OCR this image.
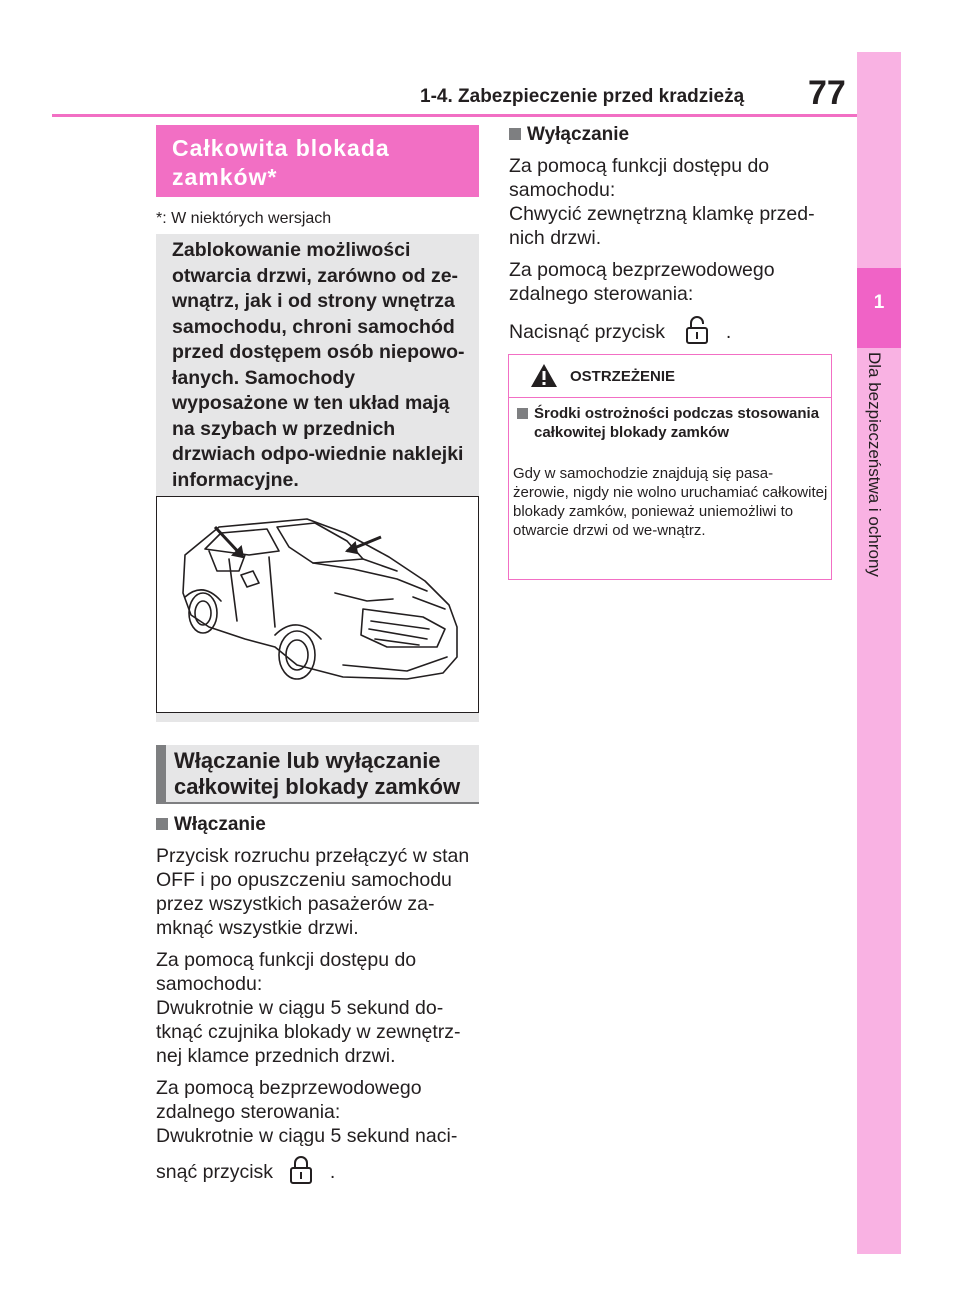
1-4. Zabezpieczenie przed kradzieżą 77
1
Dla bezpieczeństwa i ochrony
Całkowita blokada zamków*
*: W niektórych wersjach
Zablokowanie możliwości otwarcia drzwi, zarówno od ze-wnątrz, jak i od strony wnętrza samochodu, chroni samochód przed dostępem osób niepowo-łanych. Samochody wyposażone w ten układ mają na szybach w przednich drzwiach odpo-wiednie naklejki informacyjne.
Włączanie lub wyłączanie całkowitej blokady zamków
Włączanie
Przycisk rozruchu przełączyć w stan OFF i po opuszczeniu samochodu przez wszystkich pasażerów za-mknąć wszystkie drzwi.
Za pomocą funkcji dostępu do samochodu:
Dwukrotnie w ciągu 5 sekund do-tknąć czujnika blokady w zewnętrz-nej klamce przednich drzwi.
Za pomocą bezprzewodowego zdalnego sterowania:
Dwukrotnie w ciągu 5 sekund naci-
snąć przycisk	.
Wyłączanie
Za pomocą funkcji dostępu do samochodu:
Chwycić zewnętrzną klamkę przed-nich drzwi.
Za pomocą bezprzewodowego zdalnego sterowania:
Nacisnąć przycisk	.
OSTRZEŻENIE
Środki ostrożności podczas stosowania całkowitej blokady zamków
Gdy w samochodzie znajdują się pasa-żerowie, nigdy nie wolno uruchamiać całkowitej blokady zamków, ponieważ uniemożliwi to otwarcie drzwi od we-wnątrz.
